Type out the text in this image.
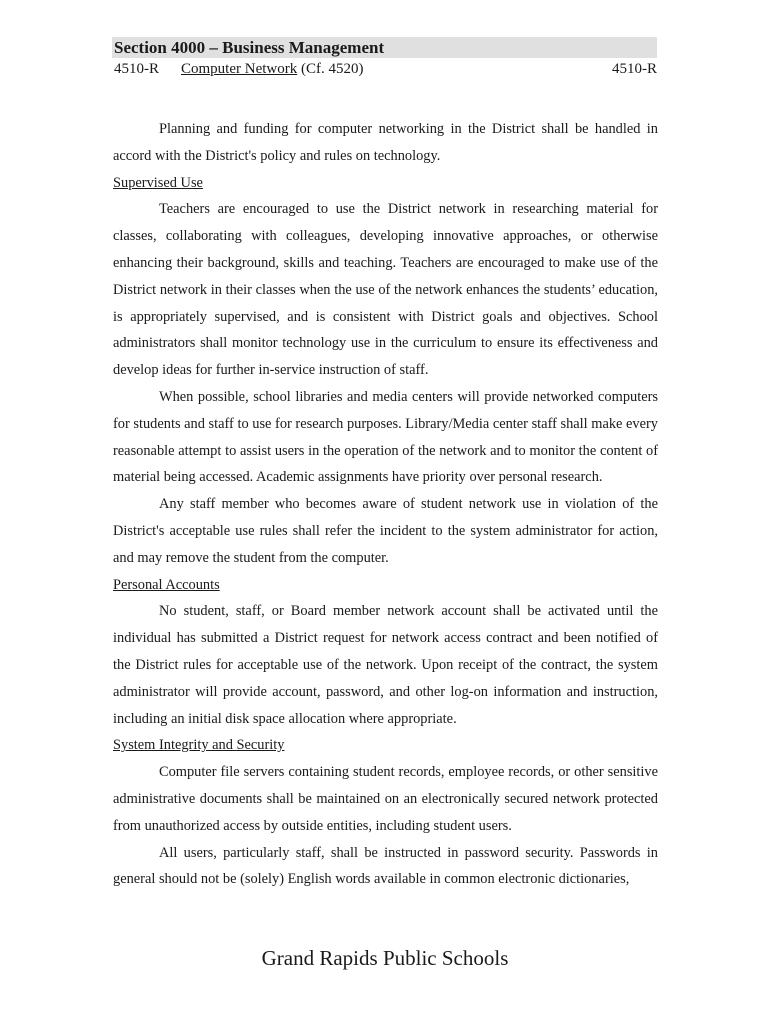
Section 4000 – Business Management
4510-R Computer Network (Cf. 4520)	4510-R

Planning and funding for computer networking in the District shall be handled in accord with the District's policy and rules on technology.

Supervised Use

Teachers are encouraged to use the District network in researching material for classes, collaborating with colleagues, developing innovative approaches, or otherwise enhancing their background, skills and teaching. Teachers are encouraged to make use of the District network in their classes when the use of the network enhances the students’ education, is appropriately supervised, and is consistent with District goals and objectives. School administrators shall monitor technology use in the curriculum to ensure its effectiveness and develop ideas for further in-service instruction of staff.

When possible, school libraries and media centers will provide networked computers for students and staff to use for research purposes. Library/Media center staff shall make every reasonable attempt to assist users in the operation of the network and to monitor the content of material being accessed. Academic assignments have priority over personal research.

Any staff member who becomes aware of student network use in violation of the District's acceptable use rules shall refer the incident to the system administrator for action, and may remove the student from the computer.

Personal Accounts

No student, staff, or Board member network account shall be activated until the individual has submitted a District request for network access contract and been notified of the District rules for acceptable use of the network. Upon receipt of the contract, the system administrator will provide account, password, and other log-on information and instruction, including an initial disk space allocation where appropriate.

System Integrity and Security

Computer file servers containing student records, employee records, or other sensitive administrative documents shall be maintained on an electronically secured network protected from unauthorized access by outside entities, including student users.

All users, particularly staff, shall be instructed in password security. Passwords in general should not be (solely) English words available in common electronic dictionaries,

Grand Rapids Public Schools
